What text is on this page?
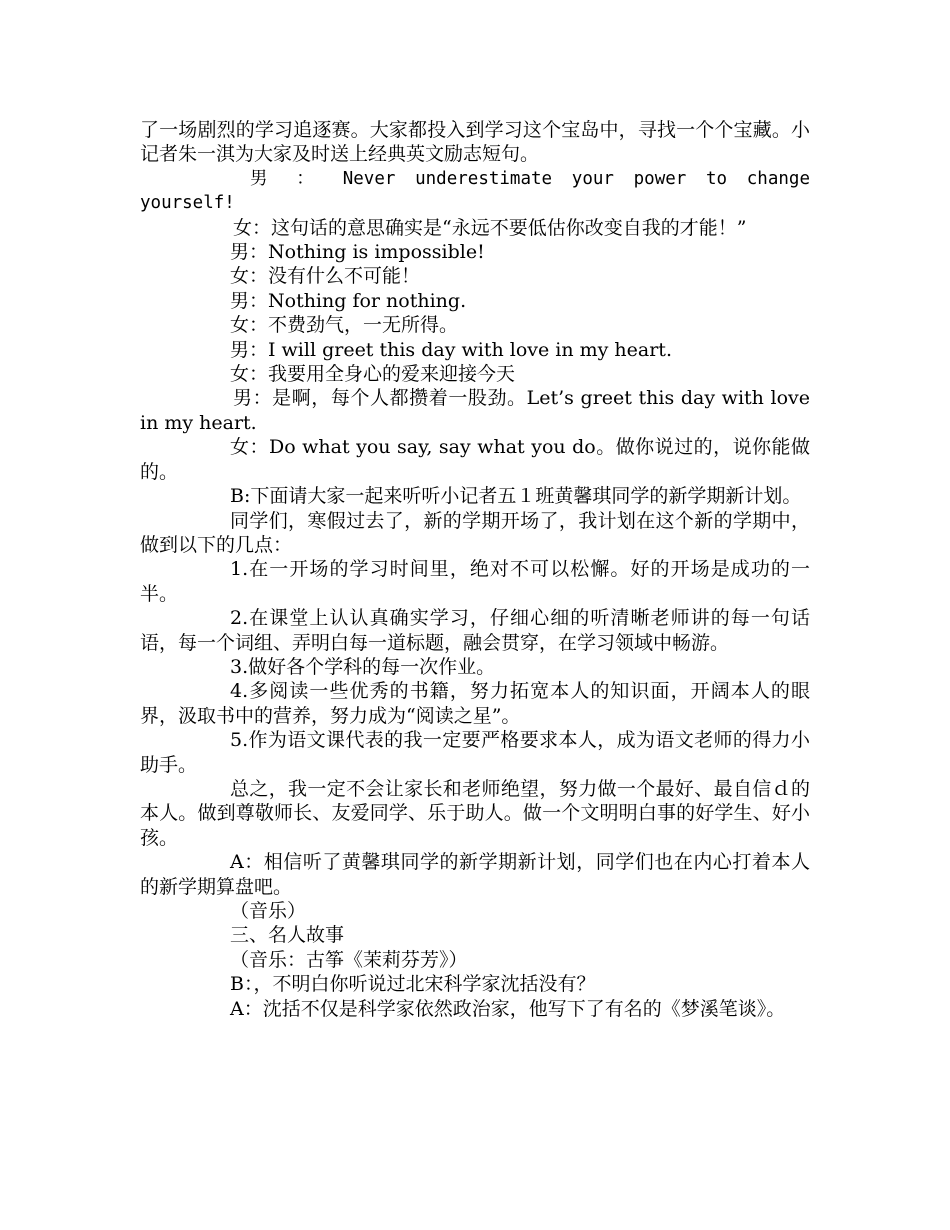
了一场剧烈的学习追逐赛。大家都投入到学习这个宝岛中，寻找一个个宝藏。小记者朱一淇为大家及时送上经典英文励志短句。

男 ： Never underestimate your power to change yourself!

女：这句话的意思确实是“永远不要低估你改变自我的才能！”

男：Nothing is impossible!

女：没有什么不可能！

男：Nothing for nothing.

女：不费劲气，一无所得。

男：I will greet this day with love in my heart.

女：我要用全身心的爱来迎接今天

男：是啊，每个人都攒着一股劲。Let’s greet this day with love in my heart.

女：Do what you say, say what you do。做你说过的，说你能做的。

B:下面请大家一起来听听小记者五１班黄馨琪同学的新学期新计划。

同学们，寒假过去了，新的学期开场了，我计划在这个新的学期中，做到以下的几点：

1.在一开场的学习时间里，绝对不可以松懈。好的开场是成功的一半。

2.在课堂上认认真确实学习，仔细心细的听清晰老师讲的每一句话语，每一个词组、弄明白每一道标题，融会贯穿，在学习领域中畅游。

3.做好各个学科的每一次作业。

4.多阅读一些优秀的书籍，努力拓宽本人的知识面，开阔本人的眼界，汲取书中的营养，努力成为“阅读之星”。

5.作为语文课代表的我一定要严格要求本人，成为语文老师的得力小助手。

总之，我一定不会让家长和老师绝望，努力做一个最好、最自信ｄ的本人。做到尊敬师长、友爱同学、乐于助人。做一个文明明白事的好学生、好小孩。

A：相信听了黄馨琪同学的新学期新计划，同学们也在内心打着本人的新学期算盘吧。

（音乐）

三、名人故事

（音乐：古筝《茉莉芬芳》）

B：，不明白你听说过北宋科学家沈括没有？

A：沈括不仅是科学家依然政治家，他写下了有名的《梦溪笔谈》。
